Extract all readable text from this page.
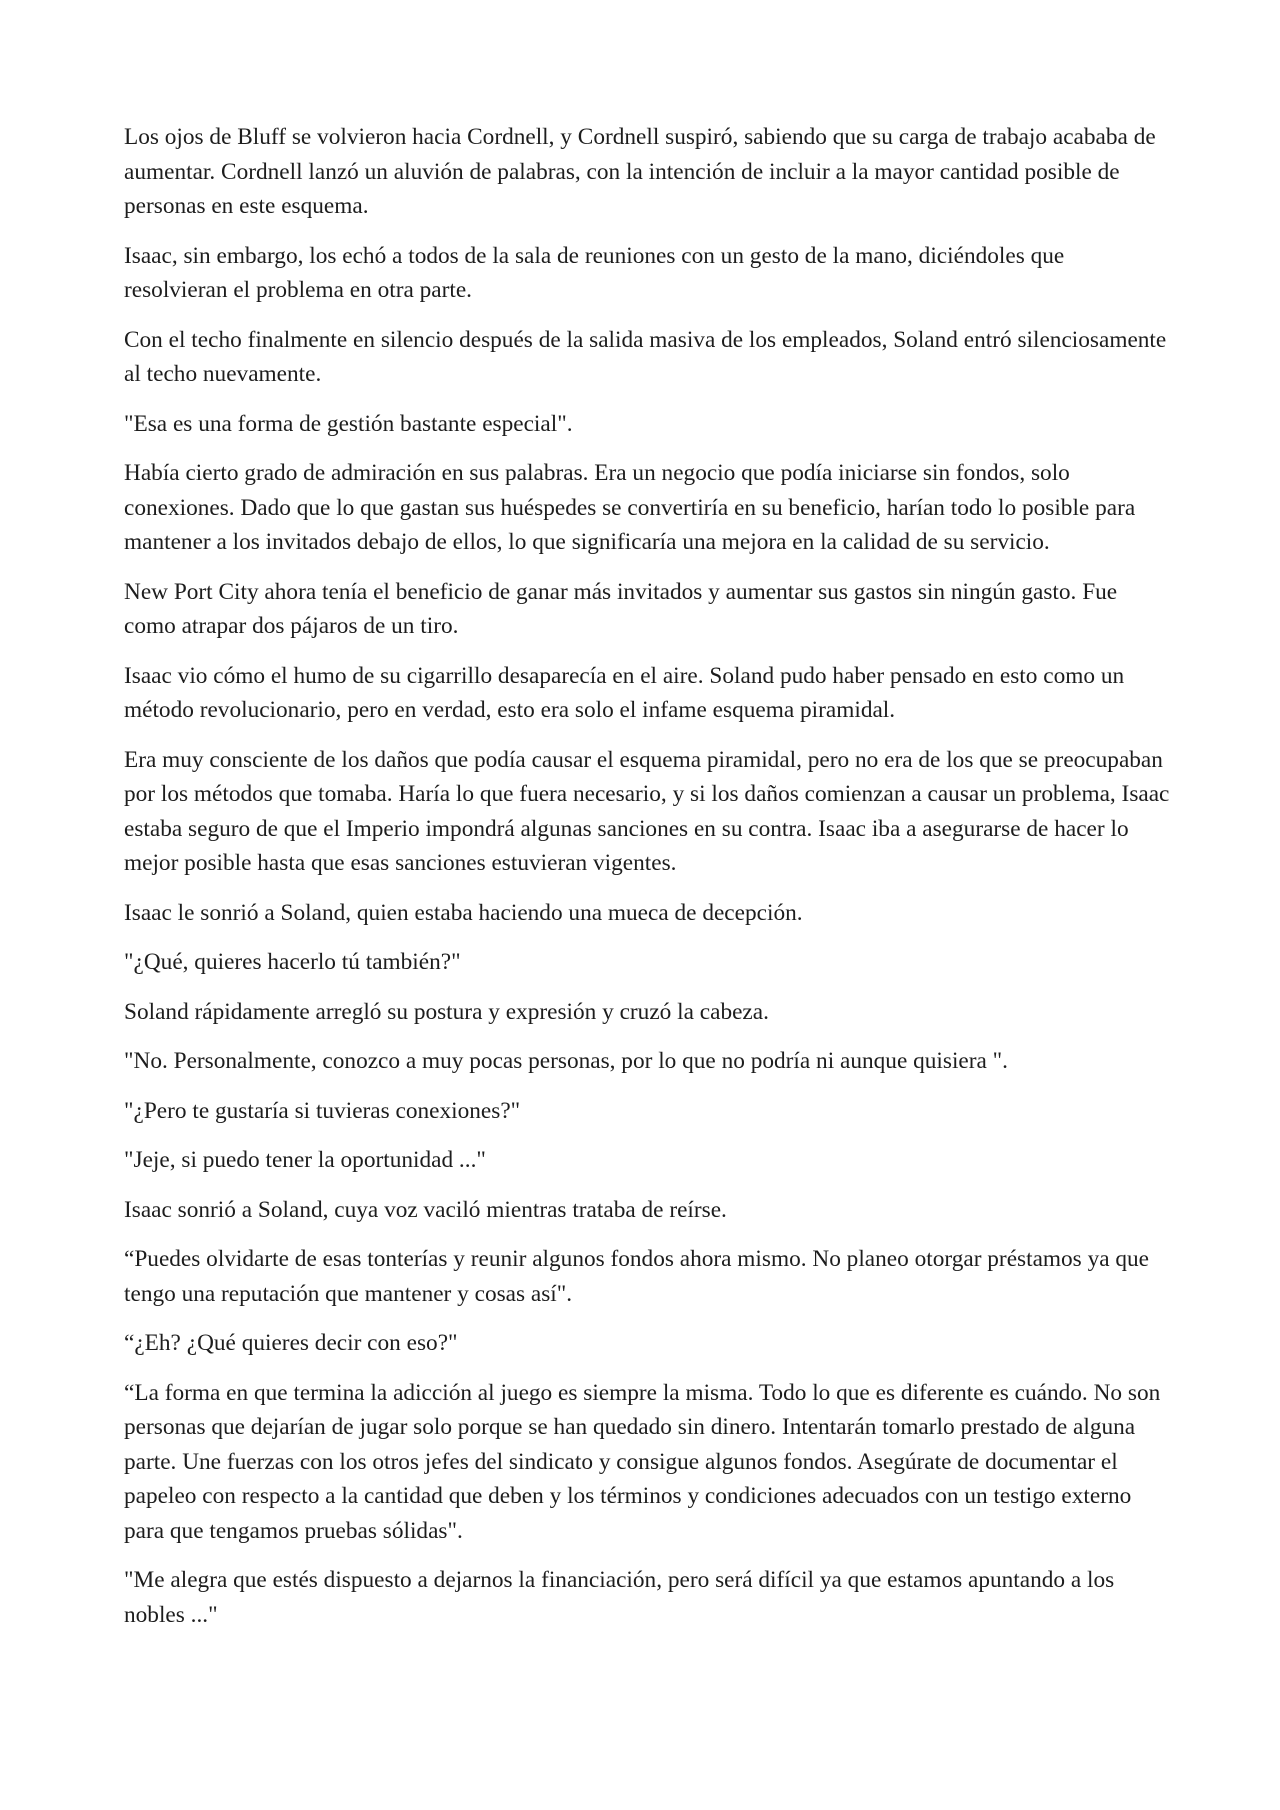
Los ojos de Bluff se volvieron hacia Cordnell, y Cordnell suspiró, sabiendo que su carga de trabajo acababa de aumentar. Cordnell lanzó un aluvión de palabras, con la intención de incluir a la mayor cantidad posible de personas en este esquema.

Isaac, sin embargo, los echó a todos de la sala de reuniones con un gesto de la mano, diciéndoles que resolvieran el problema en otra parte.

Con el techo finalmente en silencio después de la salida masiva de los empleados, Soland entró silenciosamente al techo nuevamente.

"Esa es una forma de gestión bastante especial".

Había cierto grado de admiración en sus palabras. Era un negocio que podía iniciarse sin fondos, solo conexiones. Dado que lo que gastan sus huéspedes se convertiría en su beneficio, harían todo lo posible para mantener a los invitados debajo de ellos, lo que significaría una mejora en la calidad de su servicio.

New Port City ahora tenía el beneficio de ganar más invitados y aumentar sus gastos sin ningún gasto. Fue como atrapar dos pájaros de un tiro.

Isaac vio cómo el humo de su cigarrillo desaparecía en el aire. Soland pudo haber pensado en esto como un método revolucionario, pero en verdad, esto era solo el infame esquema piramidal.

Era muy consciente de los daños que podía causar el esquema piramidal, pero no era de los que se preocupaban por los métodos que tomaba. Haría lo que fuera necesario, y si los daños comienzan a causar un problema, Isaac estaba seguro de que el Imperio impondrá algunas sanciones en su contra. Isaac iba a asegurarse de hacer lo mejor posible hasta que esas sanciones estuvieran vigentes.

Isaac le sonrió a Soland, quien estaba haciendo una mueca de decepción.

"¿Qué, quieres hacerlo tú también?"

Soland rápidamente arregló su postura y expresión y cruzó la cabeza.

"No. Personalmente, conozco a muy pocas personas, por lo que no podría ni aunque quisiera ".

"¿Pero te gustaría si tuvieras conexiones?"

"Jeje, si puedo tener la oportunidad ..."

Isaac sonrió a Soland, cuya voz vaciló mientras trataba de reírse.

“Puedes olvidarte de esas tonterías y reunir algunos fondos ahora mismo. No planeo otorgar préstamos ya que tengo una reputación que mantener y cosas así".

“¿Eh? ¿Qué quieres decir con eso?"

“La forma en que termina la adicción al juego es siempre la misma. Todo lo que es diferente es cuándo. No son personas que dejarían de jugar solo porque se han quedado sin dinero. Intentarán tomarlo prestado de alguna parte. Une fuerzas con los otros jefes del sindicato y consigue algunos fondos. Asegúrate de documentar el papeleo con respecto a la cantidad que deben y los términos y condiciones adecuados con un testigo externo para que tengamos pruebas sólidas".

"Me alegra que estés dispuesto a dejarnos la financiación, pero será difícil ya que estamos apuntando a los nobles ..."
